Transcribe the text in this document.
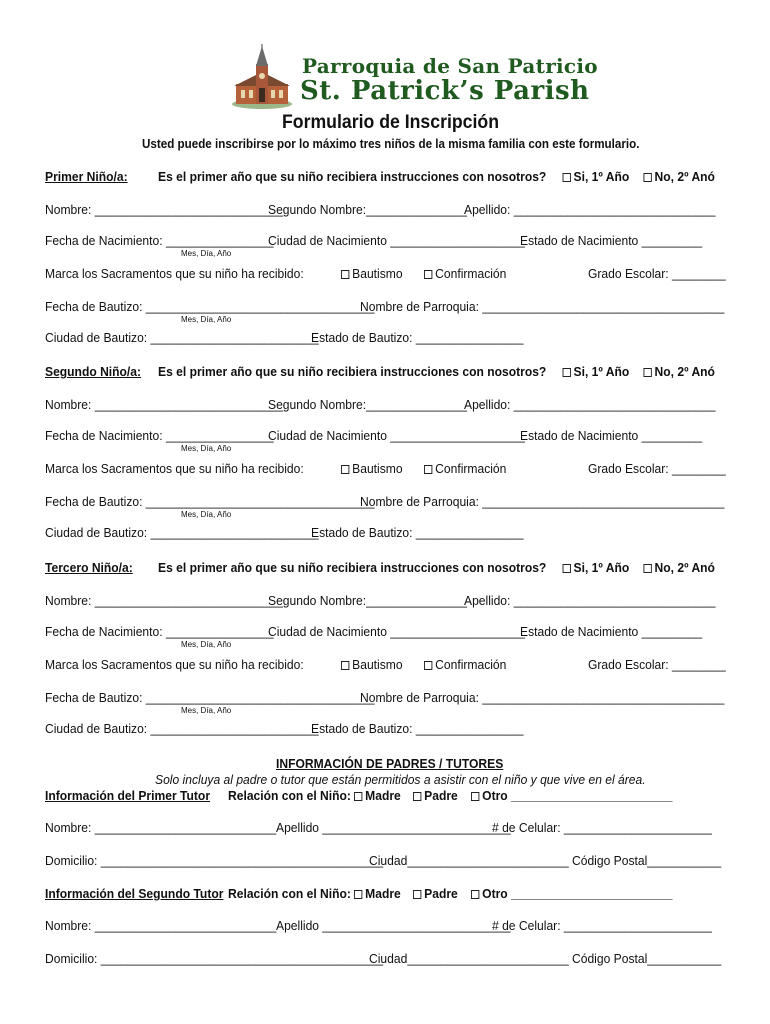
Parroquia de San Patricio
St. Patrick’s Parish
Formulario de Inscripción
Usted puede inscribirse por lo máximo tres niños de la misma familia con este formulario.
Primer Niño/a: Es el primer año que su niño recibiera instrucciones con nosotros? Si, 1º Año No, 2º Anó
Nombre: ____________________________
Segundo Nombre:_______________
Apellido: ______________________________
Fecha de Nacimiento: ________________
Ciudad de Nacimiento ____________________
Estado de Nacimiento _________
Mes, Día, Año
Marca los Sacramentos que su niño ha recibido:	Bautismo	Confirmación	Grado Escolar: ________
Fecha de Bautizo: __________________________________
Nombre de Parroquia: ____________________________________
Mes, Día, Año
Ciudad de Bautizo: _________________________
Estado de Bautizo: ________________
Segundo Niño/a: Es el primer año que su niño recibiera instrucciones con nosotros? Si, 1º Año No, 2º Anó
Nombre: ____________________________
Segundo Nombre:_______________
Apellido: ______________________________
Fecha de Nacimiento: ________________
Ciudad de Nacimiento ____________________
Estado de Nacimiento _________
Mes, Día, Año
Marca los Sacramentos que su niño ha recibido:	Bautismo	Confirmación	Grado Escolar: ________
Fecha de Bautizo: __________________________________
Nombre de Parroquia: ____________________________________
Mes, Día, Año
Ciudad de Bautizo: _________________________
Estado de Bautizo: ________________
Tercero Niño/a: Es el primer año que su niño recibiera instrucciones con nosotros? Si, 1º Año No, 2º Anó
Nombre: ____________________________
Segundo Nombre:_______________
Apellido: ______________________________
Fecha de Nacimiento: ________________
Ciudad de Nacimiento ____________________
Estado de Nacimiento _________
Mes, Día, Año
Marca los Sacramentos que su niño ha recibido:	Bautismo	Confirmación	Grado Escolar: ________
Fecha de Bautizo: __________________________________
Nombre de Parroquia: ____________________________________
Mes, Día, Año
Ciudad de Bautizo: _________________________
Estado de Bautizo: ________________
INFORMACIÓN DE PADRES / TUTORES
Solo incluya al padre o tutor que están permitidos a asistir con el niño y que vive en el área.
Información del Primer Tutor Relación con el Niño:	Madre	Padre	Otro ________________________
Nombre: ___________________________ Apellido ____________________________
# de Celular: ______________________
Domicilio: __________________________________________
Ciudad________________________ Código Postal___________
Información del Segundo Tutor Relación con el Niño:	Madre	Padre	Otro ________________________
Nombre: ___________________________ Apellido ____________________________
# de Celular: ______________________
Domicilio: __________________________________________
Ciudad________________________ Código Postal___________
